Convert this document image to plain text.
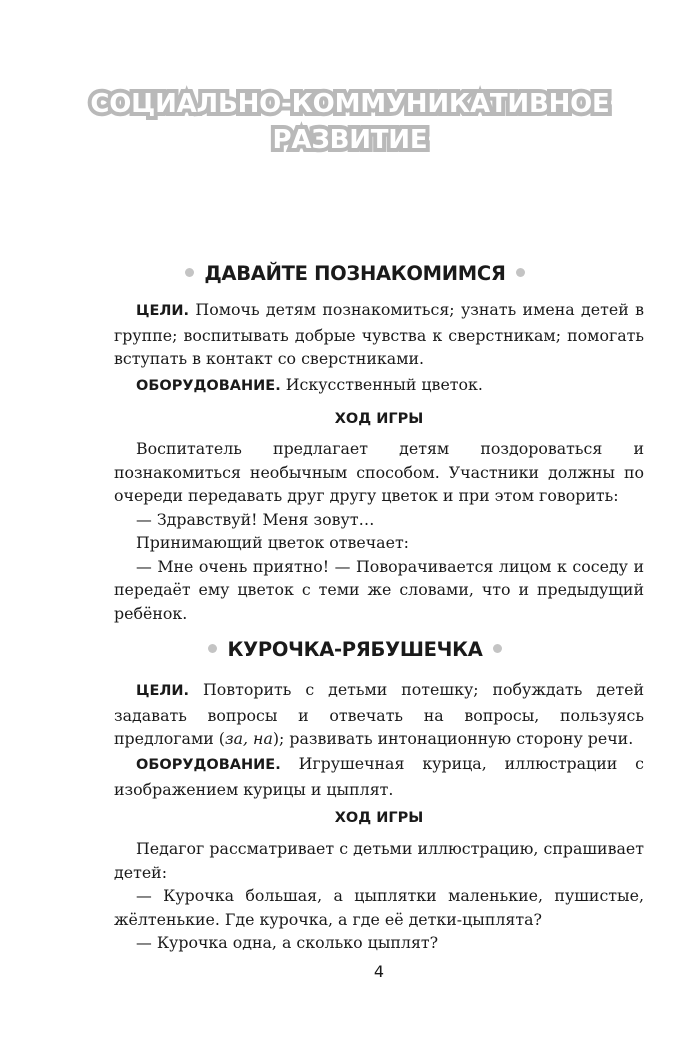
СОЦИАЛЬНО-КОММУНИКАТИВНОЕ
РАЗВИТИЕ
ДАВАЙТЕ ПОЗНАКОМИМСЯ

ЦЕЛИ. Помочь детям познакомиться; узнать имена детей в группе; воспитывать добрые чувства к сверстникам; помогать вступать в контакт со сверстниками.

ОБОРУДОВАНИЕ. Искусственный цветок.

ХОД ИГРЫ

Воспитатель предлагает детям поздороваться и познакомиться необычным способом. Участники должны по очереди передавать друг другу цветок и при этом говорить:

— Здравствуй! Меня зовут…

Принимающий цветок отвечает:

— Мне очень приятно! — Поворачивается лицом к соседу и передаёт ему цветок с теми же словами, что и предыдущий ребёнок.

КУРОЧКА-РЯБУШЕЧКА

ЦЕЛИ. Повторить с детьми потешку; побуждать детей задавать вопросы и отвечать на вопросы, пользуясь предлогами (за, на); развивать интонационную сторону речи.

ОБОРУДОВАНИЕ. Игрушечная курица, иллюстрации с изображением курицы и цыплят.

ХОД ИГРЫ

Педагог рассматривает с детьми иллюстрацию, спрашивает детей:

— Курочка большая, а цыплятки маленькие, пушистые, жёлтенькие. Где курочка, а где её детки-цыплята?

— Курочка одна, а сколько цыплят?

4
